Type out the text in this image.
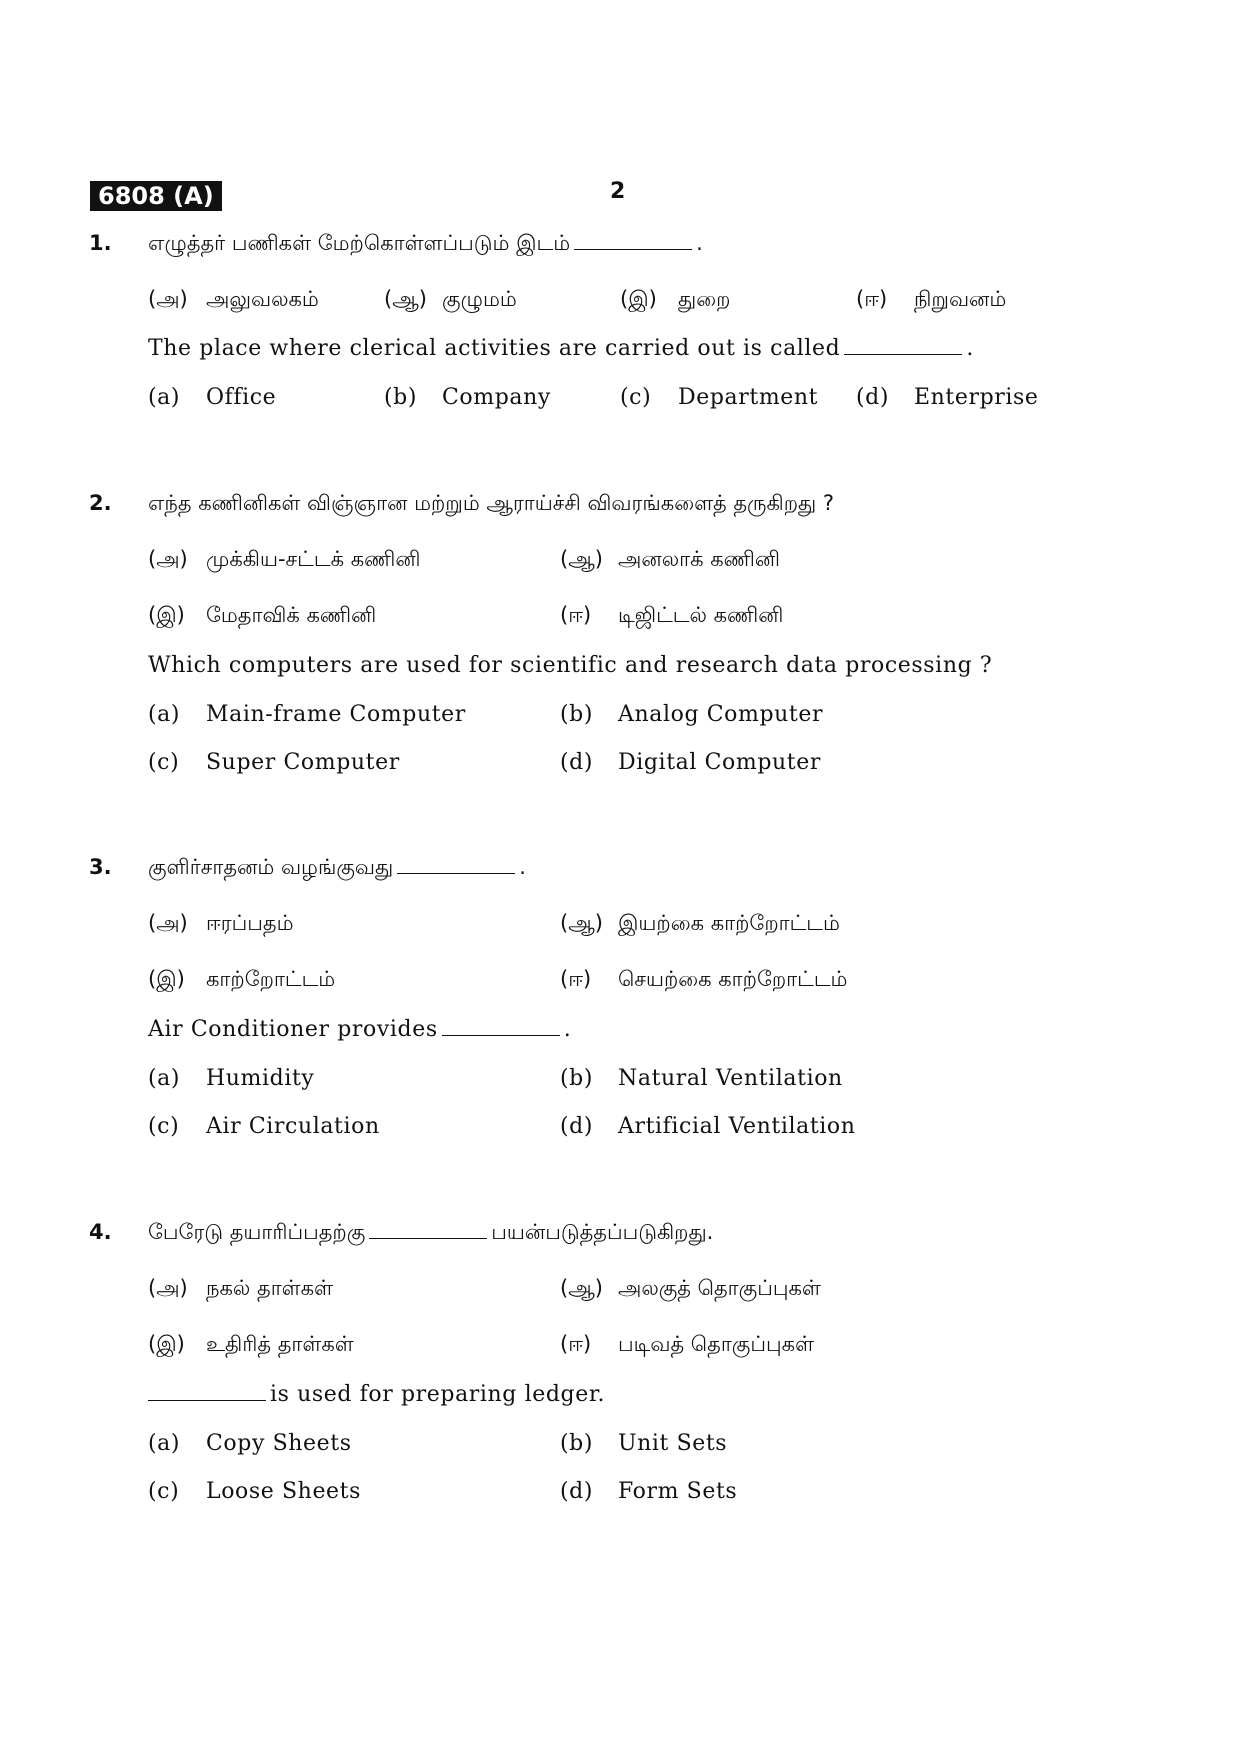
6808 (A)	2
1. எழுத்தர் பணிகள் மேற்கொள்ளப்படும் இடம்	.
(அ) அலுவலகம்	(ஆ) குழுமம்	(இ) துறை	(ஈ) நிறுவனம்
The place where clerical activities are carried out is called	.
(a) Office	(b) Company	(c) Department (d) Enterprise
2. எந்த கணினிகள் விஞ்ஞான மற்றும் ஆராய்ச்சி விவரங்களைத் தருகிறது ?
(அ) முக்கிய-சட்டக் கணினி	(ஆ) அனலாக் கணினி
(இ) மேதாவிக் கணினி	(ஈ) டிஜிட்டல் கணினி
Which computers are used for scientific and research data processing ?
(a) Main-frame Computer	(b) Analog Computer
(c) Super Computer	(d) Digital Computer
3. குளிர்சாதனம் வழங்குவது	.
(அ) ஈரப்பதம்	(ஆ) இயற்கை காற்றோட்டம்
(இ) காற்றோட்டம்	(ஈ) செயற்கை காற்றோட்டம்
Air Conditioner provides	.
(a) Humidity	(b) Natural Ventilation
(c) Air Circulation	(d) Artificial Ventilation
4. பேரேடு தயாரிப்பதற்கு	பயன்படுத்தப்படுகிறது.
(அ) நகல் தாள்கள்	(ஆ) அலகுத் தொகுப்புகள்
(இ) உதிரித் தாள்கள்	(ஈ) படிவத் தொகுப்புகள்
is used for preparing ledger.
(a) Copy Sheets	(b) Unit Sets
(c) Loose Sheets	(d) Form Sets
